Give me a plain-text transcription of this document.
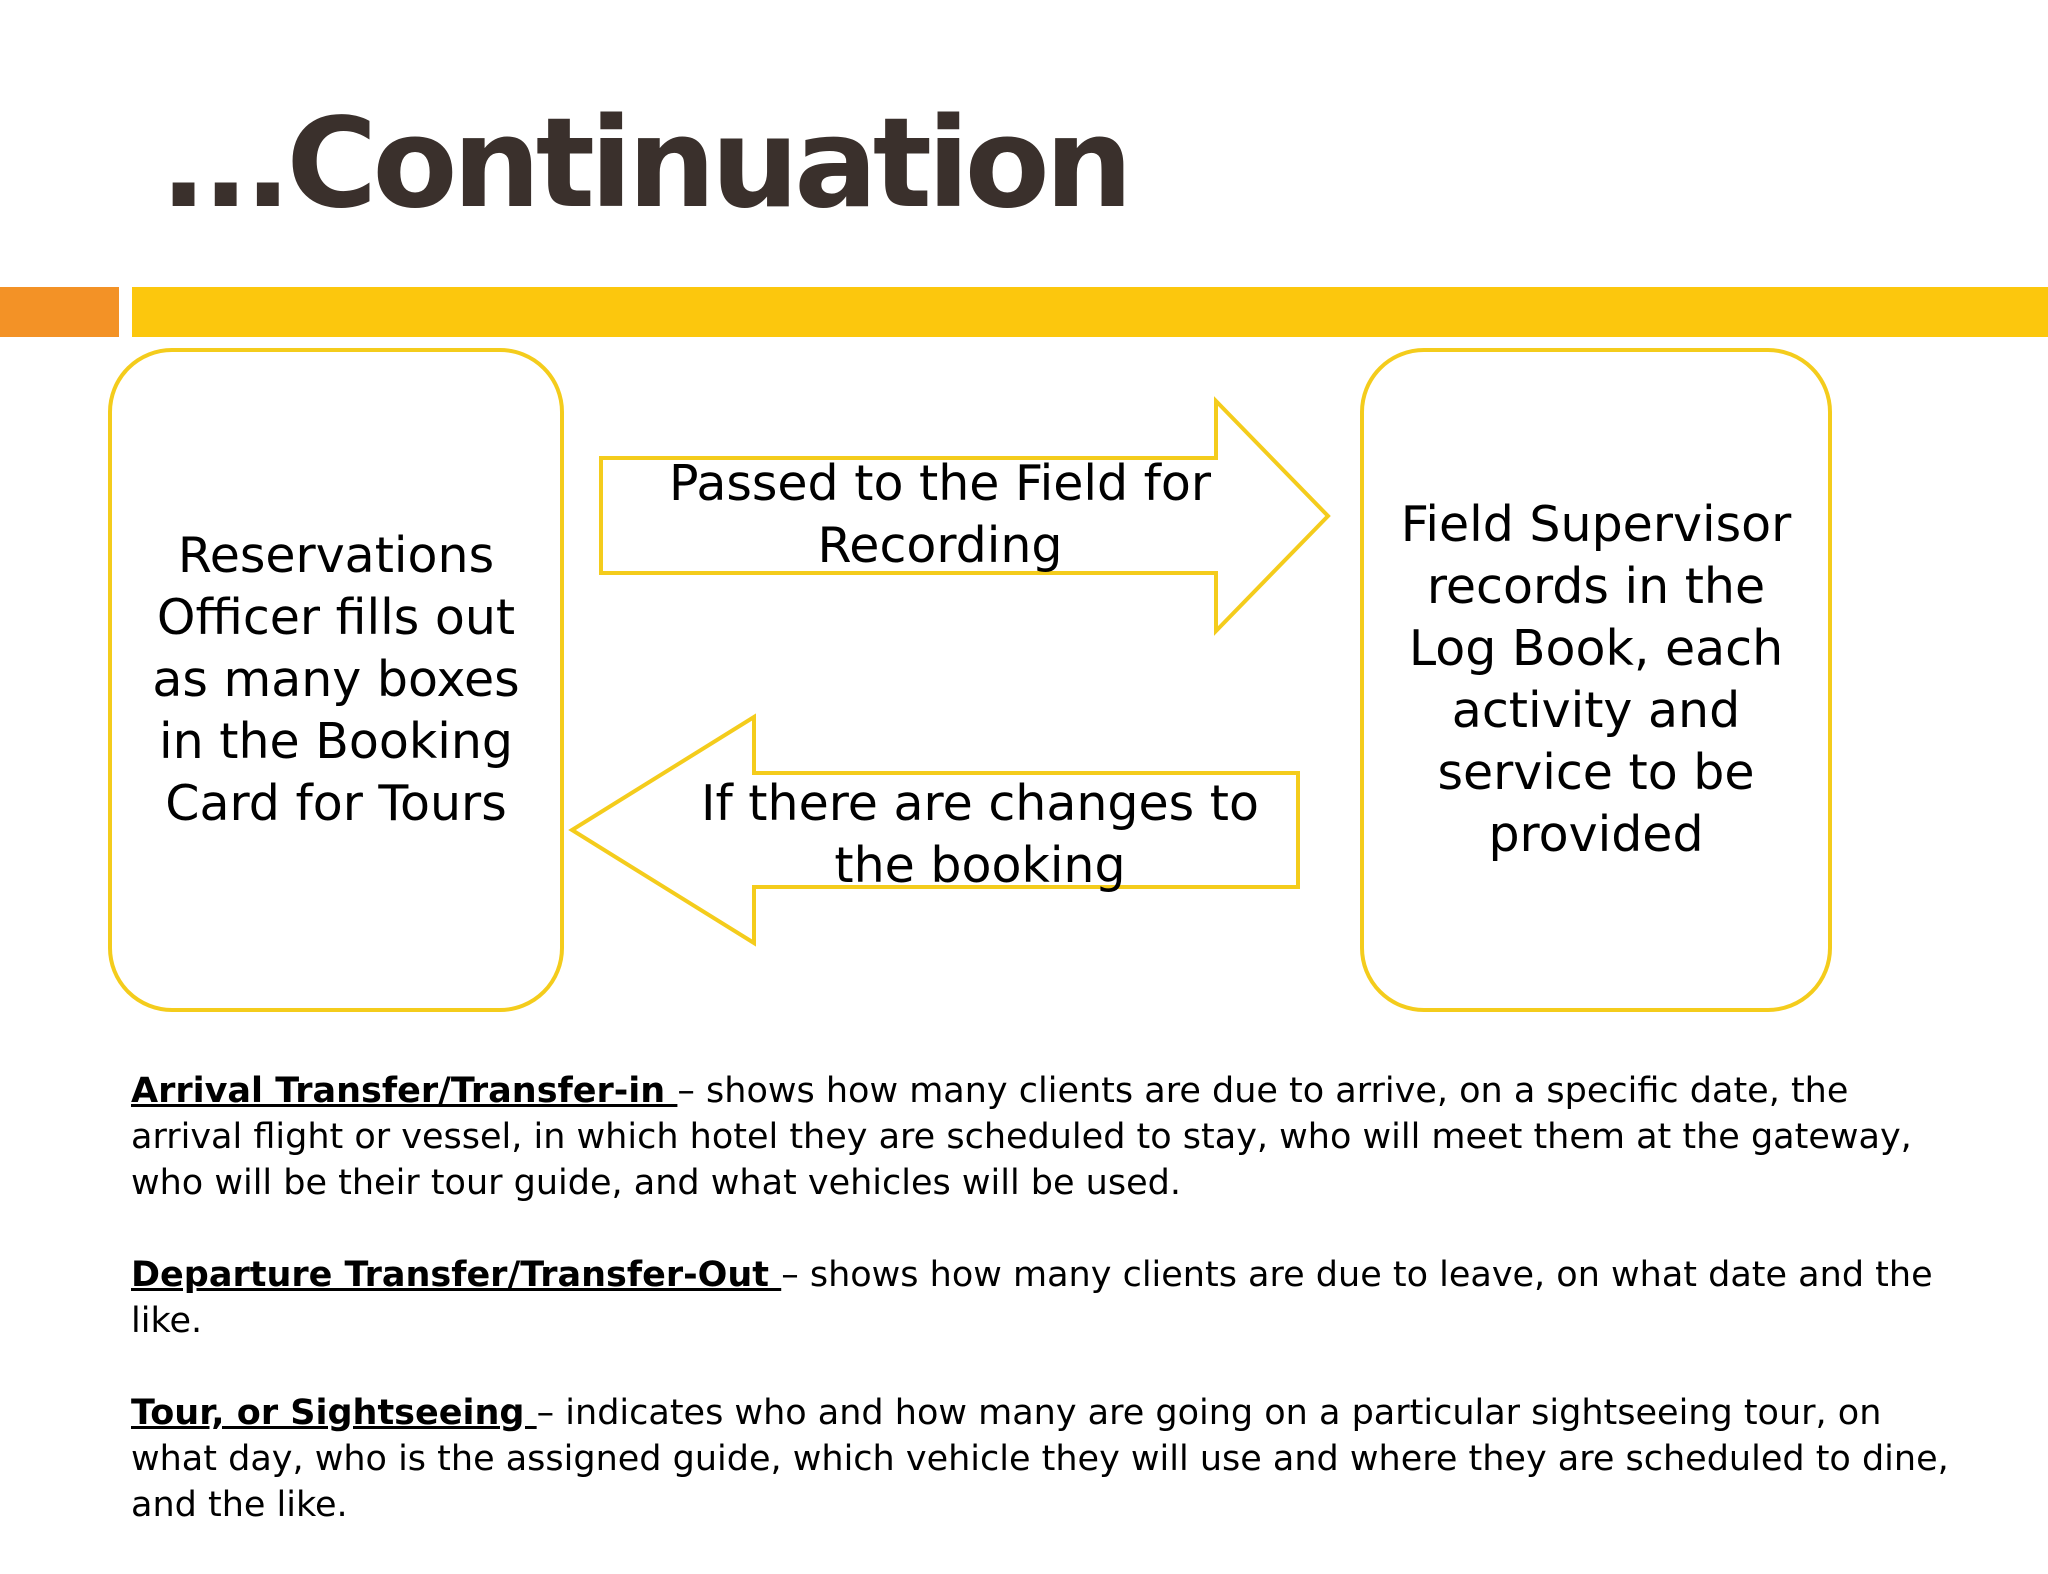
...Continuation
Reservations Officer fills out as many boxes in the Booking Card for Tours
Field Supervisor records in the Log Book, each activity and service to be provided
Passed to the Field for Recording
If there are changes to the booking

Arrival Transfer/Transfer-in – shows how many clients are due to arrive, on a specific date, the arrival flight or vessel, in which hotel they are scheduled to stay, who will meet them at the gateway, who will be their tour guide, and what vehicles will be used.

Departure Transfer/Transfer-Out – shows how many clients are due to leave, on what date and the like.

Tour, or Sightseeing – indicates who and how many are going on a particular sightseeing tour, on what day, who is the assigned guide, which vehicle they will use and where they are scheduled to dine, and the like.
